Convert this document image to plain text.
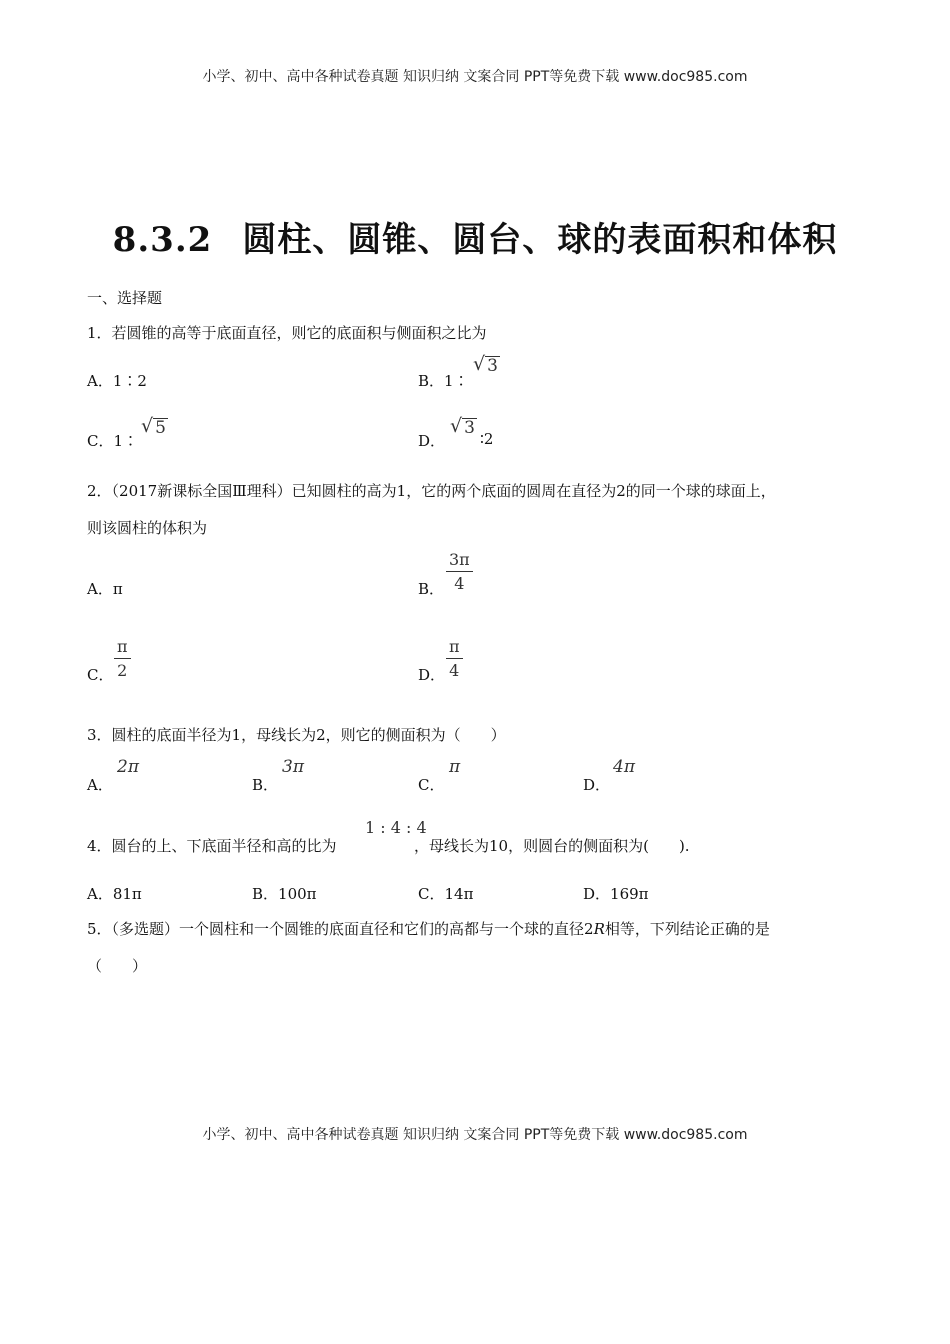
小学、初中、高中各种试卷真题 知识归纳 文案合同 PPT等免费下载 www.doc985.com
8.3.2 圆柱、圆锥、圆台、球的表面积和体积
一、选择题
1．若圆锥的高等于底面直径，则它的底面积与侧面积之比为
A．1∶2	B．1∶
√ 3
C．1∶
√ 5
D．
√ 3
∶2
2．（2017新课标全国Ⅲ理科）已知圆柱的高为1，它的两个底面的圆周在直径为2的同一个球的球面上，
则该圆柱的体积为
A．π	B． $\frac{3\pi}{4}$
C． $\frac{\pi}{2}$	D． $\frac{\pi}{4}$
3．圆柱的底面半径为1，母线长为2，则它的侧面积为（　　）
A．
2π
B．
3π
C．
π
D．
4π
4．圆台的上、下底面半径和高的比为
1 : 4 : 4
，母线长为10，则圆台的侧面积为(　　).
A．81π	B．100π	C．14π	D．169π
5．（多选题）一个圆柱和一个圆锥的底面直径和它们的高都与一个球的直径2R相等，下列结论正确的是
（　　）
小学、初中、高中各种试卷真题 知识归纳 文案合同 PPT等免费下载 www.doc985.com
